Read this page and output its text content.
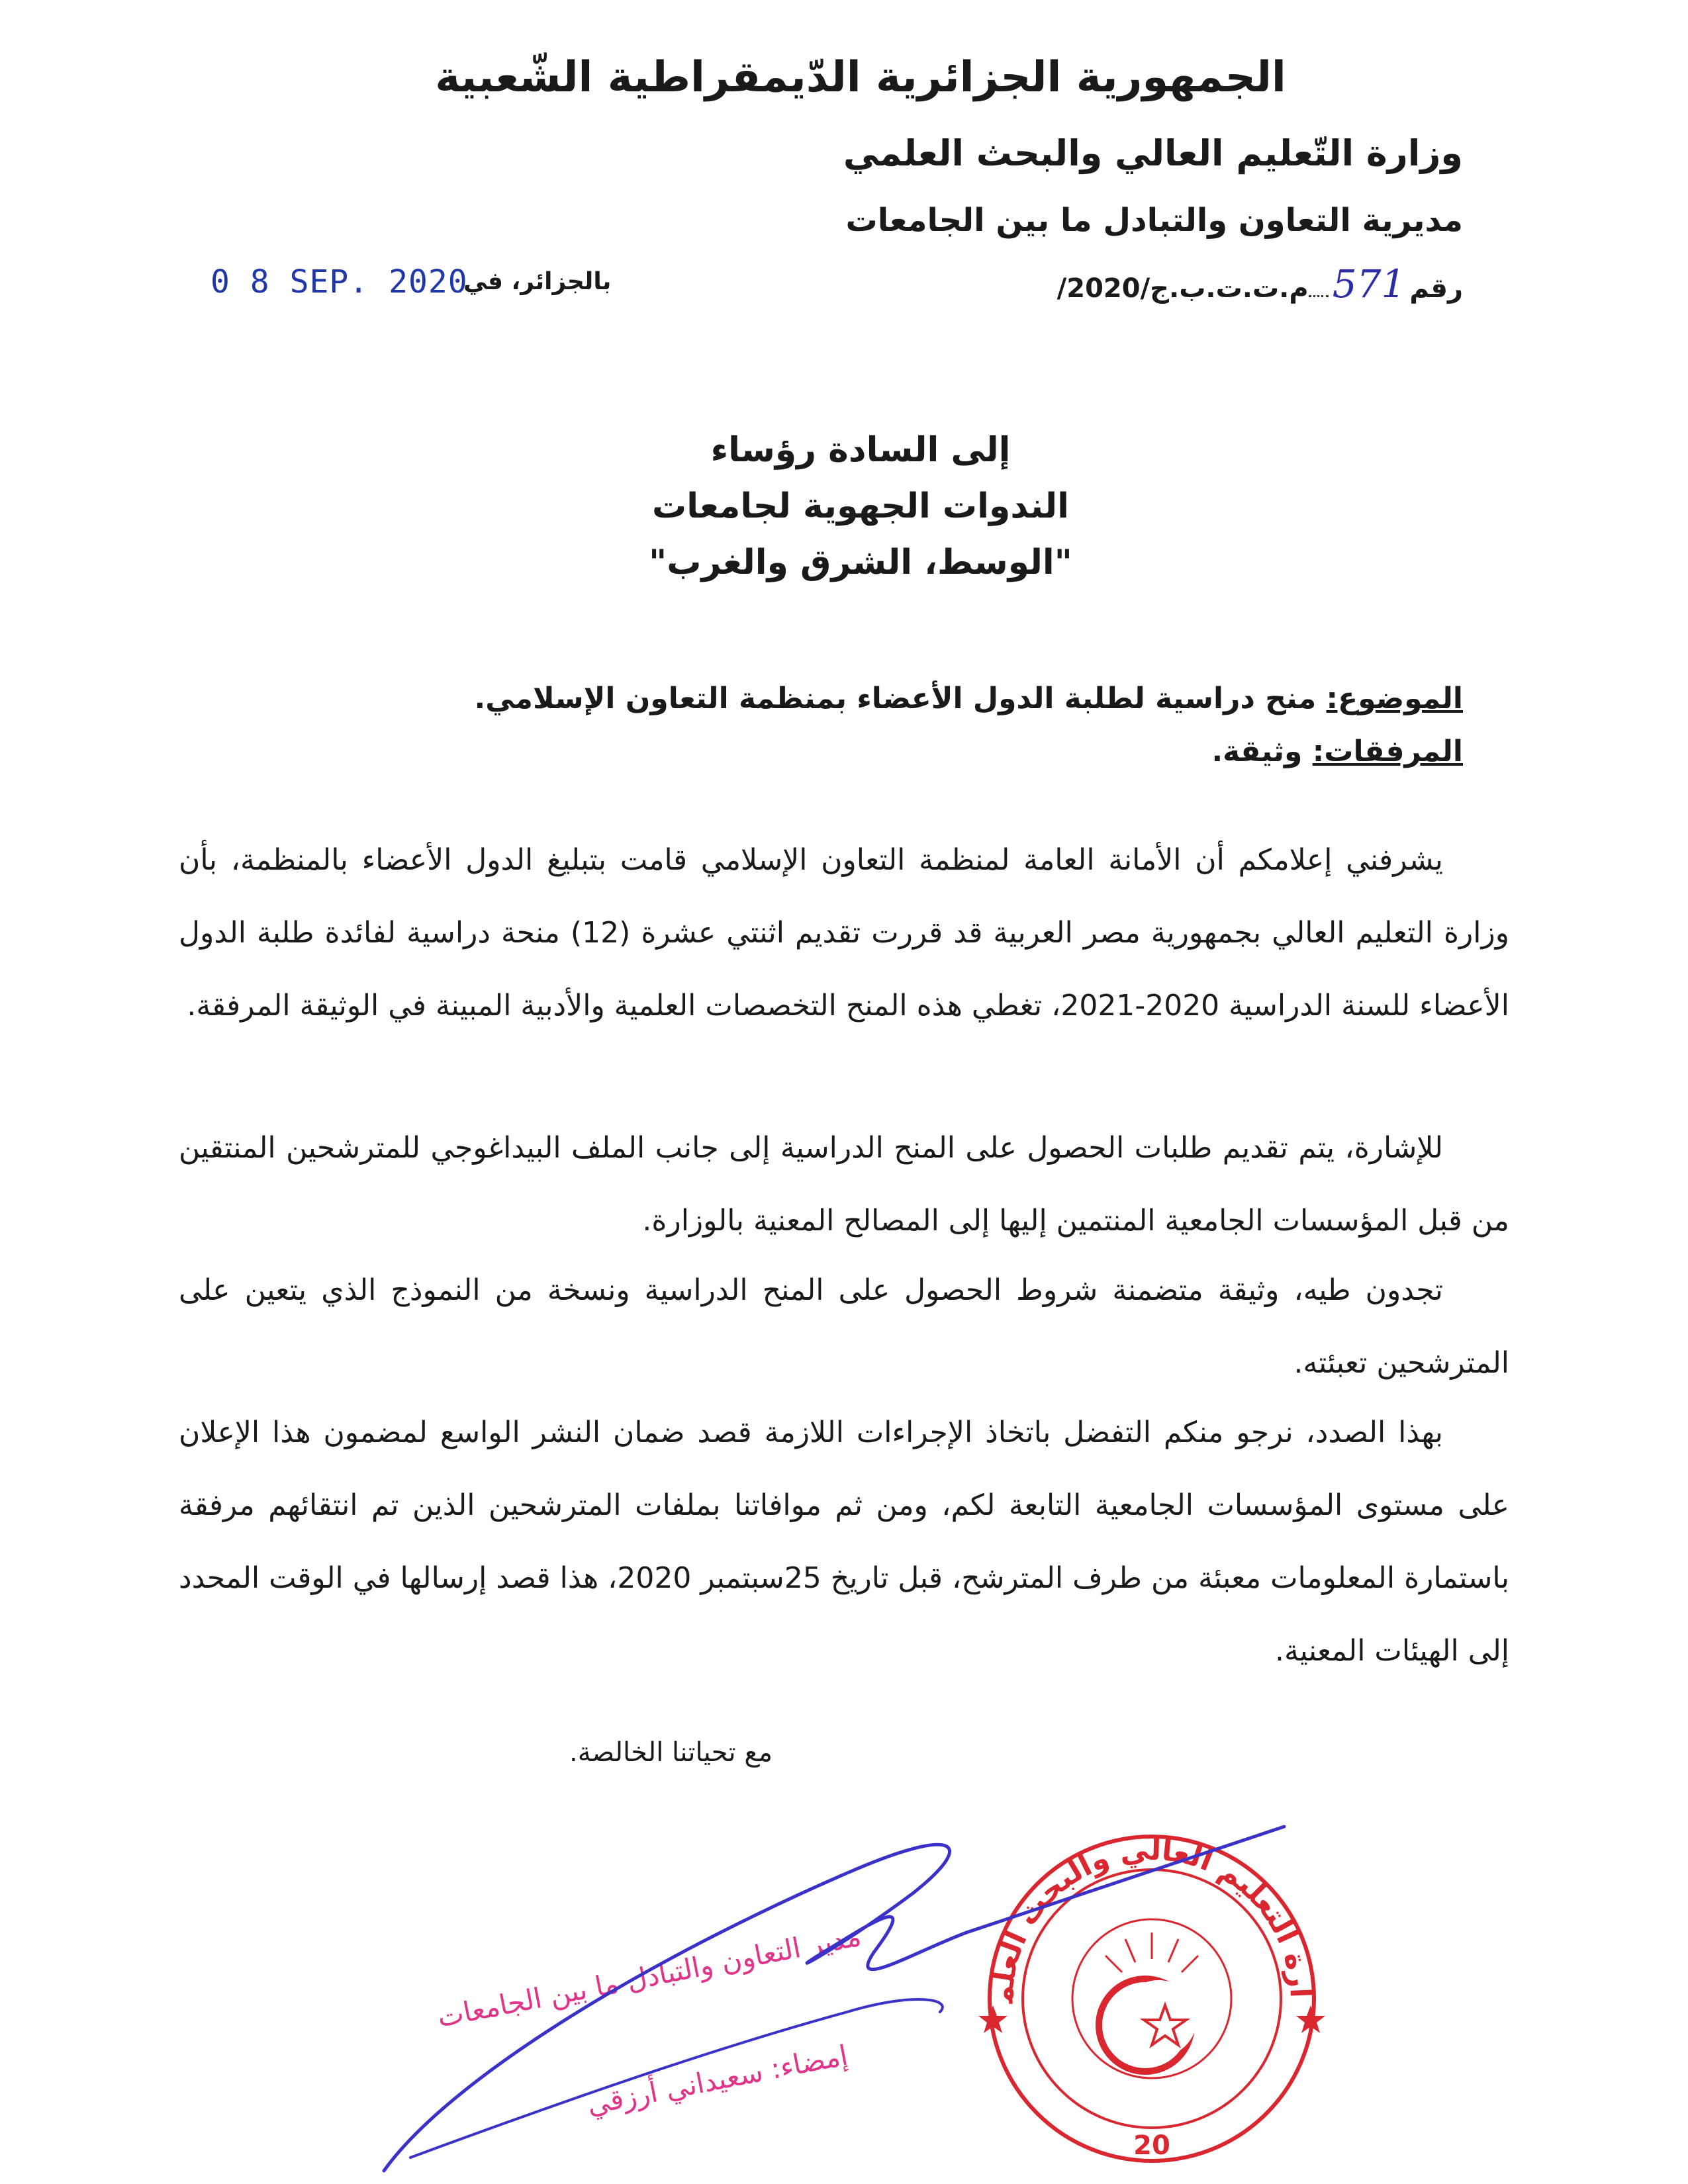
الجمهورية الجزائرية الدّيمقراطية الشّعبية
وزارة التّعليم العالي والبحث العلمي
مديرية التعاون والتبادل ما بين الجامعات
رقم
571
/م.ت.ت.ب.ج/2020
بالجزائر، في
0 8 SEP. 2020
إلى السادة رؤساء
الندوات الجهوية لجامعات
"الوسط، الشرق والغرب"
الموضوع: منح دراسية لطلبة الدول الأعضاء بمنظمة التعاون الإسلامي.
المرفقات: وثيقة.

يشرفني إعلامكم أن الأمانة العامة لمنظمة التعاون الإسلامي قامت بتبليغ الدول الأعضاء بالمنظمة، بأن وزارة التعليم العالي بجمهورية مصر العربية قد قررت تقديم اثنتي عشرة (12) منحة دراسية لفائدة طلبة الدول الأعضاء للسنة الدراسية 2020-2021، تغطي هذه المنح التخصصات العلمية والأدبية المبينة في الوثيقة المرفقة.

للإشارة، يتم تقديم طلبات الحصول على المنح الدراسية إلى جانب الملف البيداغوجي للمترشحين المنتقين من قبل المؤسسات الجامعية المنتمين إليها إلى المصالح المعنية بالوزارة.

تجدون طيه، وثيقة متضمنة شروط الحصول على المنح الدراسية ونسخة من النموذج الذي يتعين على المترشحين تعبئته.

بهذا الصدد، نرجو منكم التفضل باتخاذ الإجراءات اللازمة قصد ضمان النشر الواسع لمضمون هذا الإعلان على مستوى المؤسسات الجامعية التابعة لكم، ومن ثم موافاتنا بملفات المترشحين الذين تم انتقائهم مرفقة باستمارة المعلومات معبئة من طرف المترشح، قبل تاريخ 25سبتمبر 2020، هذا قصد إرسالها في الوقت المحدد إلى الهيئات المعنية.

مع تحياتنا الخالصة.
ارة التعليم العالي والبحث العلم
20
مدير التعاون والتبادل ما بين الجامعات
إمضاء: سعيداني أرزقي
